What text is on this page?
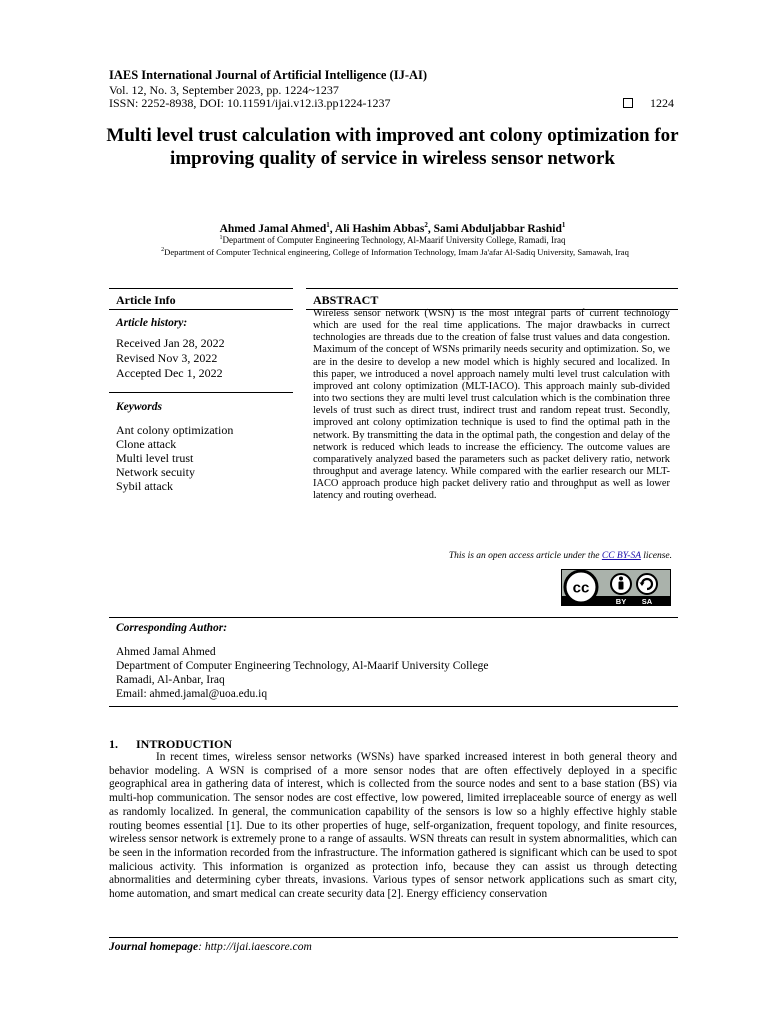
IAES International Journal of Artificial Intelligence (IJ-AI)
Vol. 12, No. 3, September 2023, pp. 1224~1237
ISSN: 2252-8938, DOI: 10.11591/ijai.v12.i3.pp1224-1237	1224
Multi level trust calculation with improved ant colony optimization for improving quality of service in wireless sensor network
Ahmed Jamal Ahmed$^1$, Ali Hashim Abbas$^2$, Sami Abduljabbar Rashid$^1$
$^1$Department of Computer Engineering Technology, Al-Maarif University College, Ramadi, Iraq
$^2$Department of Computer Technical engineering, College of Information Technology, Imam Ja'afar Al-Sadiq University, Samawah, Iraq
Article Info
Article history:
Received Jan 28, 2022
Revised Nov 3, 2022
Accepted Dec 1, 2022
Keywords
Ant colony optimization
Clone attack
Multi level trust
Network secuity
Sybil attack
ABSTRACT
Wireless sensor network (WSN) is the most integral parts of current technology which are used for the real time applications. The major drawbacks in currect technologies are threads due to the creation of false trust values and data congestion. Maximum of the concept of WSNs primarily needs security and optimization. So, we are in the desire to develop a new model which is highly secured and localized. In this paper, we introduced a novel approach namely multi level trust calculation with improved ant colony optimization (MLT-IACO). This approach mainly sub-divided into two sections they are multi level trust calculation which is the combination three levels of trust such as direct trust, indirect trust and random repeat trust. Secondly, improved ant colony optimization technique is used to find the optimal path in the network. By transmitting the data in the optimal path, the congestion and delay of the network is reduced which leads to increase the efficiency. The outcome values are comparatively analyzed based the parameters such as packet delivery ratio, network throughput and average latency. While compared with the earlier research our MLT-IACO approach produce high packet delivery ratio and throughput as well as lower latency and routing overhead.
This is an open access article under the CC BY-SA license.
cc
BY SA
Corresponding Author:
Ahmed Jamal Ahmed
Department of Computer Engineering Technology, Al-Maarif University College
Ramadi, Al-Anbar, Iraq
Email: ahmed.jamal@uoa.edu.iq
1. INTRODUCTION

In recent times, wireless sensor networks (WSNs) have sparked increased interest in both general theory and behavior modeling. A WSN is comprised of a more sensor nodes that are often effectively deployed in a specific geographical area in gathering data of interest, which is collected from the source nodes and sent to a base station (BS) via multi-hop communication. The sensor nodes are cost effective, low powered, limited irreplaceable source of energy as well as randomly localized. In general, the communication capability of the sensors is low so a highly effective highly stable routing beomes essential [1]. Due to its other properties of huge, self-organization, frequent topology, and finite resources, wireless sensor network is extremely prone to a range of assaults. WSN threats can result in system abnormalities, which can be seen in the information recorded from the infrastructure. The information gathered is significant which can be used to spot malicious activity. This information is organized as protection info, because they can assist us through detecting abnormalities and determining cyber threats, invasions. Various types of sensor network applications such as smart city, home automation, and smart medical can create security data [2]. Energy efficiency conservation

Journal homepage: http://ijai.iaescore.com
